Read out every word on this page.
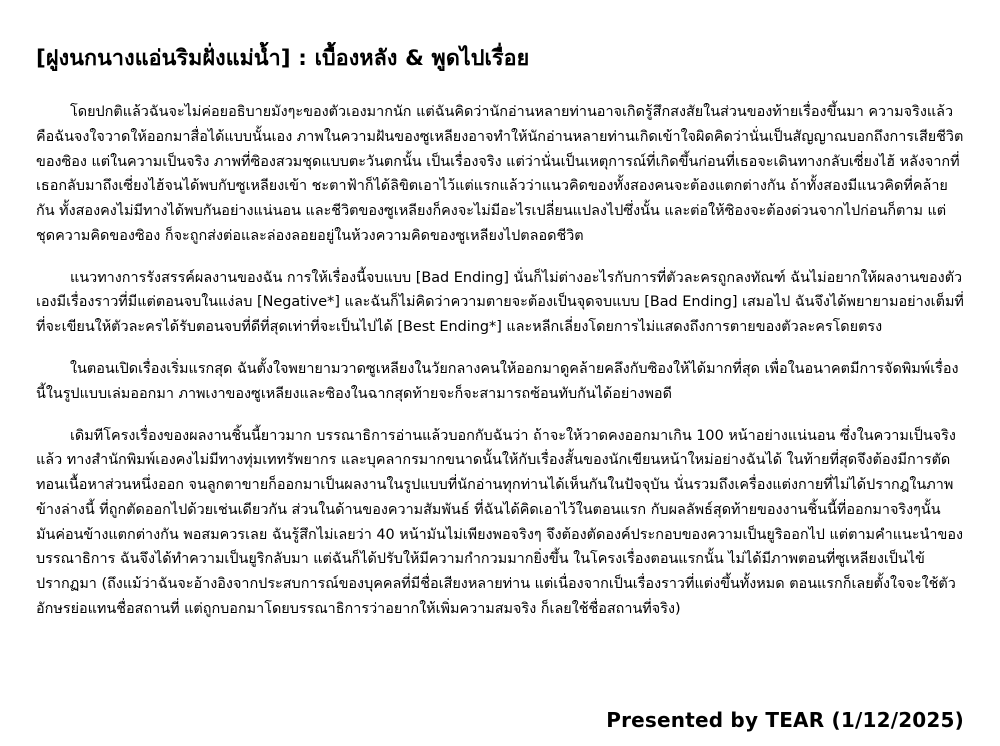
[ฝูงนกนางแอ่นริมฝั่งแม่น้ำ] : เบื้องหลัง & พูดไปเรื่อย

โดยปกติแล้วฉันจะไม่ค่อยอธิบายมังๆะของตัวเองมากนัก แต่ฉันคิดว่านักอ่านหลายท่านอาจเกิดรู้สึกสงสัยในส่วนของท้ายเรื่องขึ้นมา ความจริงแล้วคือฉันจงใจวาดให้ออกมาสื่อได้แบบนั้นเอง ภาพในความฝันของซูเหลียงอาจทำให้นักอ่านหลายท่านเกิดเข้าใจผิดคิดว่านั่นเป็นสัญญาณบอกถึงการเสียชีวิตของซิอง แต่ในความเป็นจริง ภาพที่ซิองสวมชุดแบบตะวันตกนั้น เป็นเรื่องจริง แต่ว่านั่นเป็นเหตุการณ์ที่เกิดขึ้นก่อนที่เธอจะเดินทางกลับเซี่ยงไฮ้ หลังจากที่เธอกลับมาถึงเซี่ยงไฮ้จนได้พบกับซูเหลียงเข้า ชะตาฟ้าก็ได้ลิขิตเอาไว้แต่แรกแล้วว่าแนวคิดของทั้งสองคนจะต้องแตกต่างกัน ถ้าทั้งสองมีแนวคิดที่คล้ายกัน ทั้งสองคงไม่มีทางได้พบกันอย่างแน่นอน และชีวิตของซูเหลียงก็คงจะไม่มีอะไรเปลี่ยนแปลงไปซึ่งนั้น และต่อให้ซิองจะต้องด่วนจากไปก่อนก็ตาม แต่ชุดความคิดของซิอง ก็จะถูกส่งต่อและล่องลอยอยู่ในห้วงความคิดของซูเหลียงไปตลอดชีวิต

แนวทางการรังสรรค์ผลงานของฉัน การให้เรื่องนี้จบแบบ [Bad Ending] นั่นก็ไม่ต่างอะไรกับการที่ตัวละครถูกลงทัณฑ์ ฉันไม่อยากให้ผลงานของตัวเองมีเรื่องราวที่มีแต่ตอนจบในแง่ลบ [Negative*] และฉันก็ไม่คิดว่าความตายจะต้องเป็นจุดจบแบบ [Bad Ending] เสมอไป ฉันจึงได้พยายามอย่างเต็มที่ที่จะเขียนให้ตัวละครได้รับตอนจบที่ดีที่สุดเท่าที่จะเป็นไปได้ [Best Ending*] และหลีกเลี่ยงโดยการไม่แสดงถึงการตายของตัวละครโดยตรง

ในตอนเปิดเรื่องเริ่มแรกสุด ฉันตั้งใจพยายามวาดซูเหลียงในวัยกลางคนให้ออกมาดูคล้ายคลึงกับซิองให้ได้มากที่สุด เพื่อในอนาคตมีการจัดพิมพ์เรื่องนี้ในรูปแบบเล่มออกมา ภาพเงาของซูเหลียงและซิองในฉากสุดท้ายจะก็จะสามารถซ้อนทับกันได้อย่างพอดี

เดิมทีโครงเรื่องของผลงานชิ้นนี้ยาวมาก บรรณาธิการอ่านแล้วบอกกับฉันว่า ถ้าจะให้วาดคงออกมาเกิน 100 หน้าอย่างแน่นอน ซึ่งในความเป็นจริงแล้ว ทางสำนักพิมพ์เองคงไม่มีทางทุ่มเททรัพยากร และบุคลากรมากขนาดนั้นให้กับเรื่องสั้นของนักเขียนหน้าใหม่อย่างฉันได้ ในท้ายที่สุดจึงต้องมีการตัดทอนเนื้อหาส่วนหนึ่งออก จนลูกตาขายก็ออกมาเป็นผลงานในรูปแบบที่นักอ่านทุกท่านได้เห็นกันในปัจจุบัน นั่นรวมถึงเครื่องแต่งกายที่ไม่ได้ปรากฎในภาพข้างล่างนี้ ที่ถูกตัดออกไปด้วยเช่นเดียวกัน ส่วนในด้านของความสัมพันธ์ ที่ฉันได้คิดเอาไว้ในตอนแรก กับผลลัพธ์สุดท้ายของงานชิ้นนี้ที่ออกมาจริงๆนั้น มันค่อนข้างแตกต่างกัน พอสมควรเลย ฉันรู้สึกไม่เลยว่า 40 หน้ามันไม่เพียงพอจริงๆ จึงต้องตัดองค์ประกอบของความเป็นยูริออกไป แต่ตามคำแนะนำของบรรณาธิการ ฉันจึงได้ทำความเป็นยูริกลับมา แต่ฉันก็ได้ปรับให้มีความกำกวมมากยิ่งขึ้น ในโครงเรื่องตอนแรกนั้น ไม่ได้มีภาพตอนที่ซูเหลียงเป็นไข้ปรากฏมา (ถึงแม้ว่าฉันจะอ้างอิงจากประสบการณ์ของบุคคลที่มีชื่อเสียงหลายท่าน แต่เนื่องจากเป็นเรื่องราวที่แต่งขึ้นทั้งหมด ตอนแรกก็เลยตั้งใจจะใช้ตัวอักษรย่อแทนชื่อสถานที่ แต่ถูกบอกมาโดยบรรณาธิการว่าอยากให้เพิ่มความสมจริง ก็เลยใช้ชื่อสถานที่จริง)

Presented by TEAR (1/12/2025)
